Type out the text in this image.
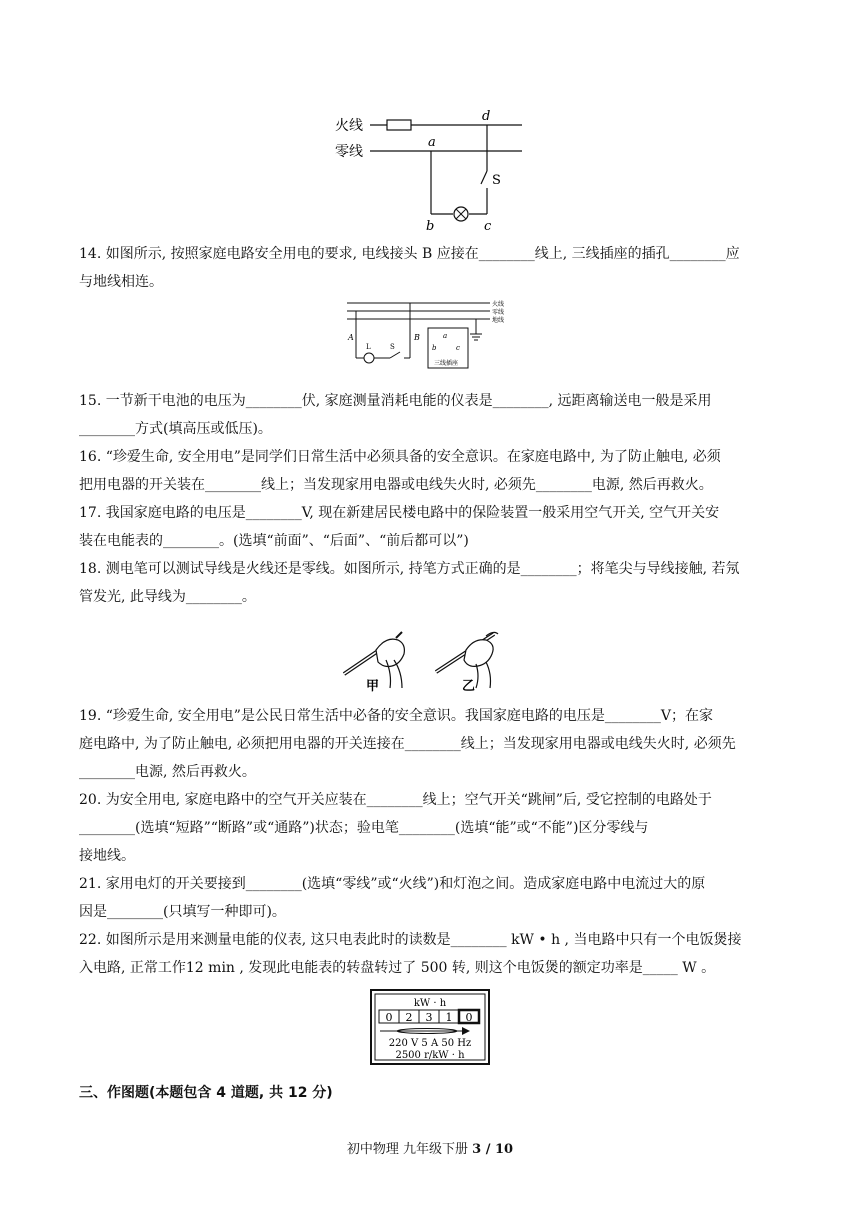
火线
零线
d
a
S
b	c
14. 如图所示, 按照家庭电路安全用电的要求, 电线接头 B 应接在________线上, 三线插座的插孔________应
与地线相连。
火线
零线
地线
A
L	S
B	a
b	c
三线插座
15. 一节新干电池的电压为________伏, 家庭测量消耗电能的仪表是________, 远距离输送电一般是采用
________方式(填高压或低压)。
16. “珍爱生命, 安全用电”是同学们日常生活中必须具备的安全意识。在家庭电路中, 为了防止触电, 必须
把用电器的开关装在________线上；当发现家用电器或电线失火时, 必须先________电源, 然后再救火。
17. 我国家庭电路的电压是________V, 现在新建居民楼电路中的保险装置一般采用空气开关, 空气开关安
装在电能表的________。(选填“前面”、“后面”、“前后都可以”)
18. 测电笔可以测试导线是火线还是零线。如图所示, 持笔方式正确的是________；将笔尖与导线接触, 若氖
管发光, 此导线为________。
甲	乙
19. “珍爱生命, 安全用电”是公民日常生活中必备的安全意识。我国家庭电路的电压是________V；在家
庭电路中, 为了防止触电, 必须把用电器的开关连接在________线上；当发现家用电器或电线失火时, 必须先
________电源, 然后再救火。
20. 为安全用电, 家庭电路中的空气开关应装在________线上；空气开关“跳闸”后, 受它控制的电路处于
________(选填“短路”“断路”或“通路”)状态；验电笔________(选填“能”或“不能”)区分零线与
接地线。
21. 家用电灯的开关要接到________(选填“零线”或“火线”)和灯泡之间。造成家庭电路中电流过大的原
因是________(只填写一种即可)。
22. 如图所示是用来测量电能的仪表, 这只电表此时的读数是________ kW • h , 当电路中只有一个电饭煲接
入电路, 正常工作12 min , 发现此电能表的转盘转过了 500 转, 则这个电饭煲的额定功率是_____ W 。
kW · h
0 2 3 1 0
220 V 5 A 50 Hz
2500 r/kW · h
三、作图题(本题包含 4 道题, 共 12 分)
初中物理 九年级下册 3 / 10
